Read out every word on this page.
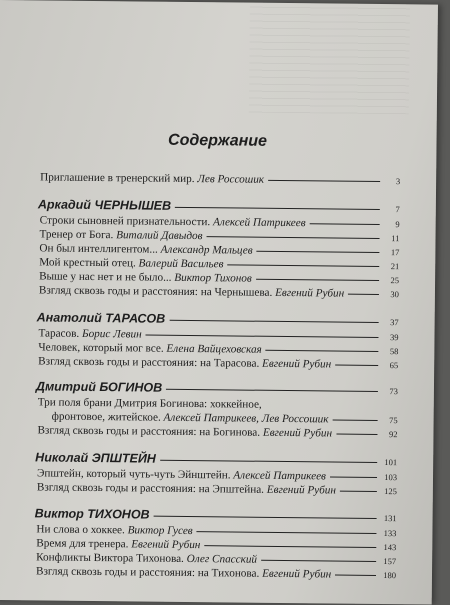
Содержание
Приглашение в тренерский мир. Лев Россошик	3
Аркадий ЧЕРНЫШЕВ	7
Строки сыновней признательности. Алексей Патрикеев	9
Тренер от Бога. Виталий Давыдов	11
Он был интеллигентом... Александр Мальцев	17
Мой крестный отец. Валерий Васильев	21
Выше у нас нет и не было... Виктор Тихонов	25
Взгляд сквозь годы и расстояния: на Чернышева. Евгений Рубин	30
Анатолий ТАРАСОВ	37
Тарасов. Борис Левин	39
Человек, который мог все. Елена Вайцеховская	58
Взгляд сквозь годы и расстояния: на Тарасова. Евгений Рубин	65
Дмитрий БОГИНОВ	73
Три поля брани Дмитрия Богинова: хоккейное,
фронтовое, житейское. Алексей Патрикеев, Лев Россошик	75
Взгляд сквозь годы и расстояния: на Богинова. Евгений Рубин	92
Николай ЭПШТЕЙН	101
Эпштейн, который чуть-чуть Эйнштейн. Алексей Патрикеев	103
Взгляд сквозь годы и расстояния: на Эпштейна. Евгений Рубин	125
Виктор ТИХОНОВ	131
Ни слова о хоккее. Виктор Гусев	133
Время для тренера. Евгений Рубин	143
Конфликты Виктора Тихонова. Олег Спасский	157
Взгляд сквозь годы и расстояния: на Тихонова. Евгений Рубин	180
